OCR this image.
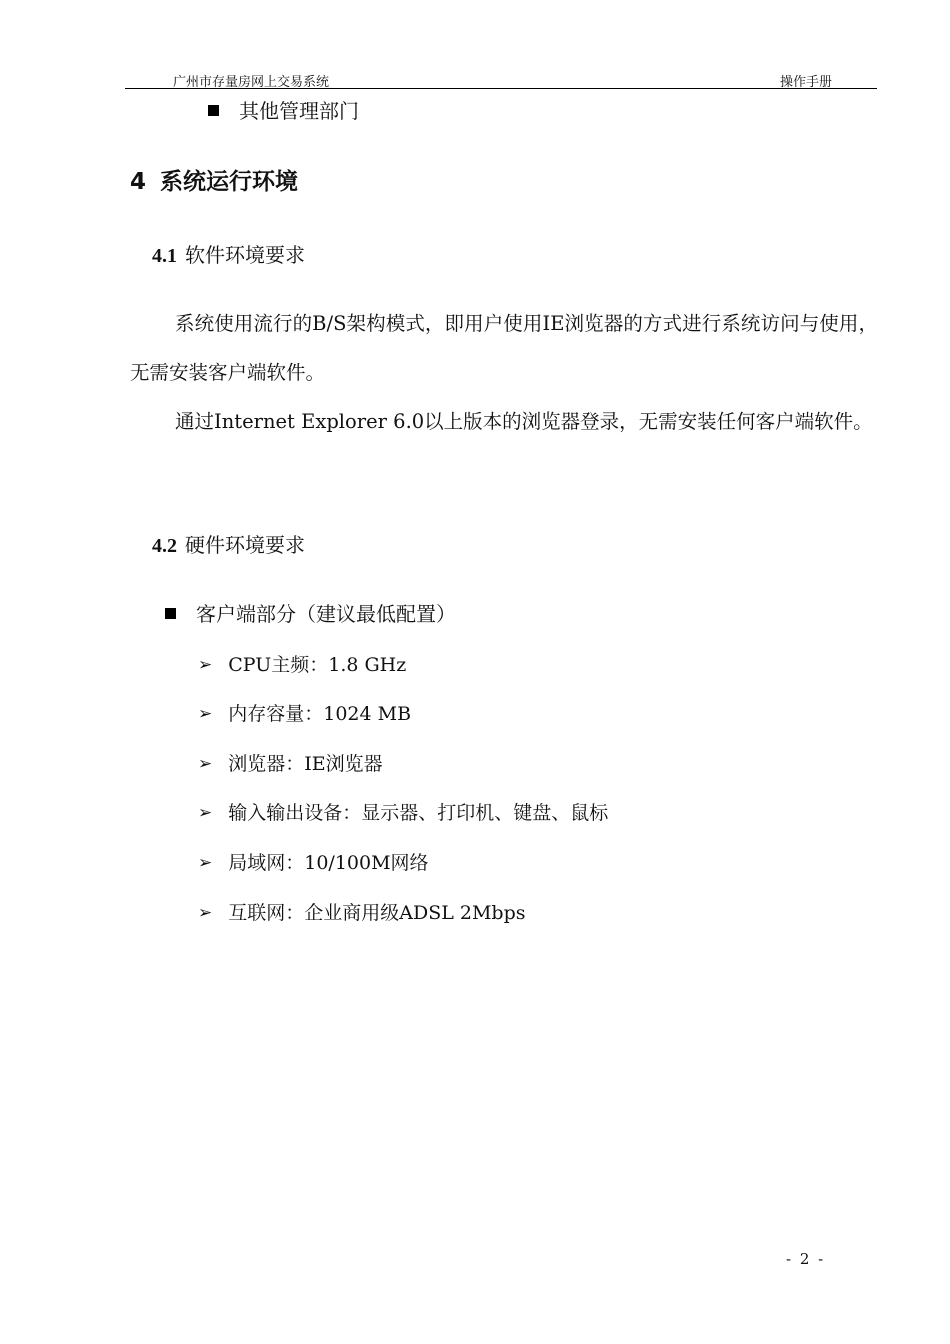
广州市存量房网上交易系统	操作手册
其他管理部门
4 系统运行环境
4.1 软件环境要求
系统使用流行的B/S架构模式，即用户使用IE浏览器的方式进行系统访问与使用，无需安装客户端软件。
通过Internet Explorer 6.0以上版本的浏览器登录，无需安装任何客户端软件。
4.2 硬件环境要求
客户端部分（建议最低配置）
➢ CPU主频：1.8 GHz
➢ 内存容量：1024 MB
➢ 浏览器：IE浏览器
➢ 输入输出设备：显示器、打印机、键盘、鼠标
➢ 局域网：10/100M网络
➢ 互联网：企业商用级ADSL 2Mbps
- 2 -
